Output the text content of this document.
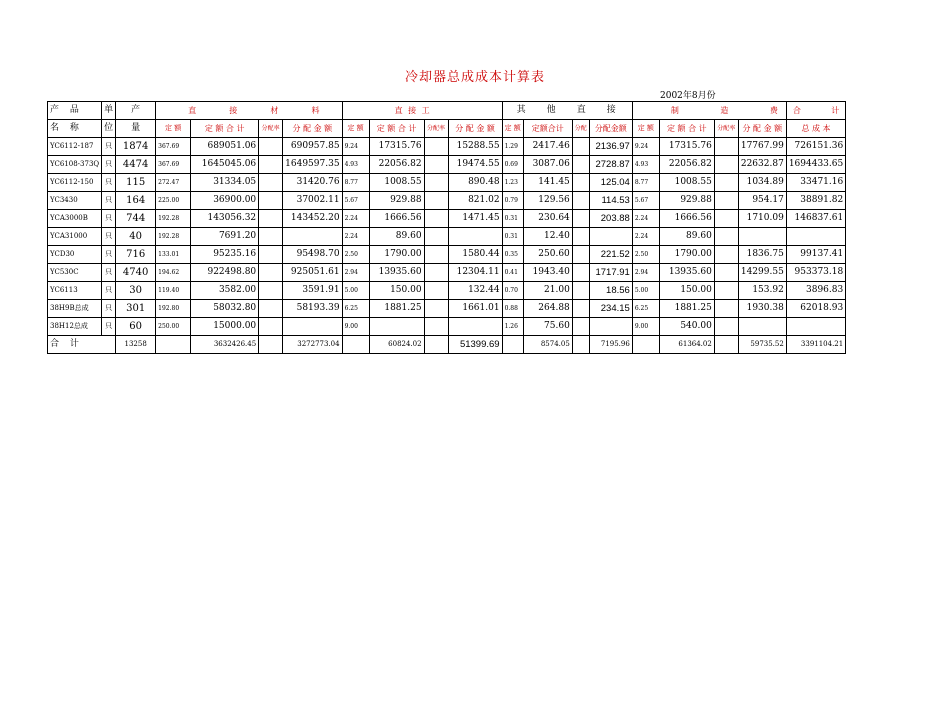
冷却器总成成本计算表
2002年8月份
产 品	单	产	直 接 材 料				直 接 工				其 他 直 接				制 造 费				合 计

名 称	位	量	定 额	定 额 合 计	分配率	分 配 金 额	定 额	定 额 合 计	分配率	分 配 金 额	定 额	定额合计	分配	分配金额	定 额	定 额 合 计	分配率	分 配 金 额	总 成 本
YC6112-187	只	1874	367.69	689051.06		690957.85	9.24	17315.76		15288.55	1.29	2417.46		2136.97	9.24	17315.76		17767.99	726151.36
YC6108-373Q	只	4474	367.69	1645045.06		1649597.35	4.93	22056.82		19474.55	0.69	3087.06		2728.87	4.93	22056.82		22632.87	1694433.65
YC6112-150	只	115	272.47	31334.05		31420.76	8.77	1008.55		890.48	1.23	141.45		125.04	8.77	1008.55		1034.89	33471.16
YC3430	只	164	225.00	36900.00		37002.11	5.67	929.88		821.02	0.79	129.56		114.53	5.67	929.88		954.17	38891.82
YCA3000B	只	744	192.28	143056.32		143452.20	2.24	1666.56		1471.45	0.31	230.64		203.88	2.24	1666.56		1710.09	146837.61
YCA31000	只	40	192.28	7691.20			2.24	89.60			0.31	12.40			2.24	89.60			
YCD30	只	716	133.01	95235.16		95498.70	2.50	1790.00		1580.44	0.35	250.60		221.52	2.50	1790.00		1836.75	99137.41
YC530C	只	4740	194.62	922498.80		925051.61	2.94	13935.60		12304.11	0.41	1943.40		1717.91	2.94	13935.60		14299.55	953373.18
YC6113	只	30	119.40	3582.00		3591.91	5.00	150.00		132.44	0.70	21.00		18.56	5.00	150.00		153.92	3896.83
38H9B总成	只	301	192.80	58032.80		58193.39	6.25	1881.25		1661.01	0.88	264.88		234.15	6.25	1881.25		1930.38	62018.93
38H12总成	只	60	250.00	15000.00			9.00				1.26	75.60			9.00	540.00			
合 计		13258		3632426.45		3272773.04		60824.02		51399.69		8574.05		7195.96		61364.02		59735.52	3391104.21
